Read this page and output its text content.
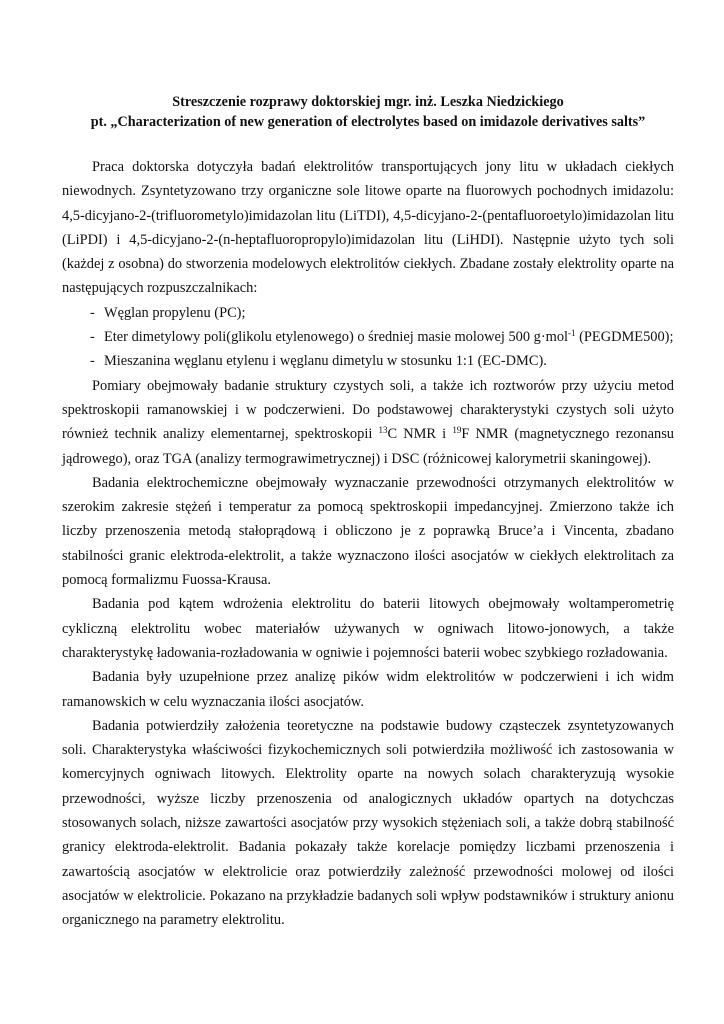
Streszczenie rozprawy doktorskiej mgr. inż. Leszka Niedzickiego
pt. „Characterization of new generation of electrolytes based on imidazole derivatives salts”

Praca doktorska dotyczyła badań elektrolitów transportujących jony litu w układach ciekłych niewodnych. Zsyntetyzowano trzy organiczne sole litowe oparte na fluorowych pochodnych imidazolu: 4,5-dicyjano-2-(trifluorometylo)imidazolan litu (LiTDI), 4,5-dicyjano-2-(pentafluoroetylo)imidazolan litu (LiPDI) i 4,5-dicyjano-2-(n-heptafluoropropylo)imidazolan litu (LiHDI). Następnie użyto tych soli (każdej z osobna) do stworzenia modelowych elektrolitów ciekłych. Zbadane zostały elektrolity oparte na następujących rozpuszczalnikach:

- Węglan propylenu (PC);
- Eter dimetylowy poli(glikolu etylenowego) o średniej masie molowej 500 g·mol$^{-1}$ (PEGDME500);
- Mieszanina węglanu etylenu i węglanu dimetylu w stosunku 1:1 (EC-DMC).

Pomiary obejmowały badanie struktury czystych soli, a także ich roztworów przy użyciu metod spektroskopii ramanowskiej i w podczerwieni. Do podstawowej charakterystyki czystych soli użyto również technik analizy elementarnej, spektroskopii $^{13}$C NMR i $^{19}$F NMR (magnetycznego rezonansu jądrowego), oraz TGA (analizy termograwimetrycznej) i DSC (różnicowej kalorymetrii skaningowej).

Badania elektrochemiczne obejmowały wyznaczanie przewodności otrzymanych elektrolitów w szerokim zakresie stężeń i temperatur za pomocą spektroskopii impedancyjnej. Zmierzono także ich liczby przenoszenia metodą stałoprądową i obliczono je z poprawką Bruce’a i Vincenta, zbadano stabilności granic elektroda-elektrolit, a także wyznaczono ilości asocjatów w ciekłych elektrolitach za pomocą formalizmu Fuossa-Krausa.

Badania pod kątem wdrożenia elektrolitu do baterii litowych obejmowały woltamperometrię cykliczną elektrolitu wobec materiałów używanych w ogniwach litowo-jonowych, a także charakterystykę ładowania-rozładowania w ogniwie i pojemności baterii wobec szybkiego rozładowania.

Badania były uzupełnione przez analizę pików widm elektrolitów w podczerwieni i ich widm ramanowskich w celu wyznaczania ilości asocjatów.

Badania potwierdziły założenia teoretyczne na podstawie budowy cząsteczek zsyntetyzowanych soli. Charakterystyka właściwości fizykochemicznych soli potwierdziła możliwość ich zastosowania w komercyjnych ogniwach litowych. Elektrolity oparte na nowych solach charakteryzują wysokie przewodności, wyższe liczby przenoszenia od analogicznych układów opartych na dotychczas stosowanych solach, niższe zawartości asocjatów przy wysokich stężeniach soli, a także dobrą stabilność granicy elektroda-elektrolit. Badania pokazały także korelacje pomiędzy liczbami przenoszenia i zawartością asocjatów w elektrolicie oraz potwierdziły zależność przewodności molowej od ilości asocjatów w elektrolicie. Pokazano na przykładzie badanych soli wpływ podstawników i struktury anionu organicznego na parametry elektrolitu.
